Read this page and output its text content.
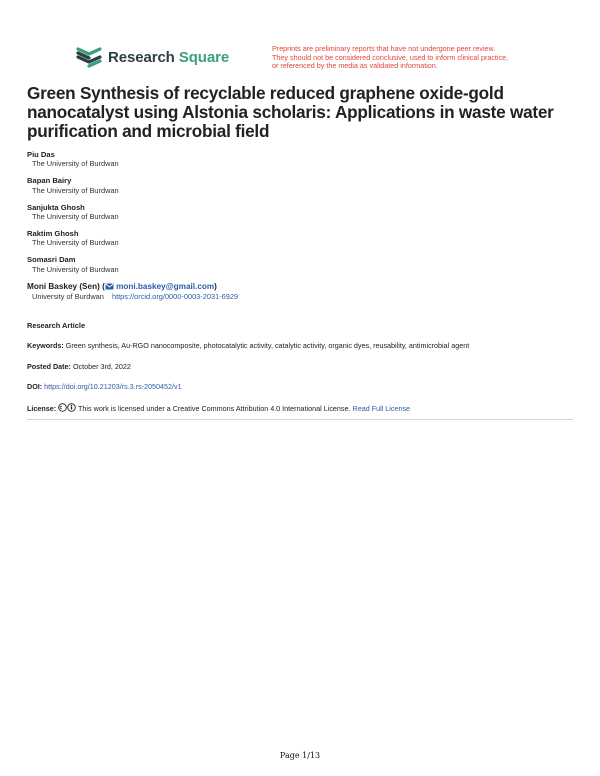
Research Square	Preprints are preliminary reports that have not undergone peer review.
They should not be considered conclusive, used to inform clinical practice,
or referenced by the media as validated information.
Green Synthesis of recyclable reduced graphene oxide-gold nanocatalyst using Alstonia scholaris: Applications in waste water purification and microbial field
Piu Das
The University of Burdwan
Bapan Bairy
The University of Burdwan
Sanjukta Ghosh
The University of Burdwan
Raktim Ghosh
The University of Burdwan
Somasri Dam
The University of Burdwan
Moni Baskey (Sen) ( moni.baskey@gmail.com)
University of Burdwan https://orcid.org/0000-0003-2031-6929
Research Article
Keywords: Green synthesis, Au-RGO nanocomposite, photocatalytic activity, catalytic activity, organic dyes, reusability, antimicrobial agent
Posted Date: October 3rd, 2022
DOI: https://doi.org/10.21203/rs.3.rs-2050452/v1
License:	This work is licensed under a Creative Commons Attribution 4.0 International License. Read Full License
Page 1/13
